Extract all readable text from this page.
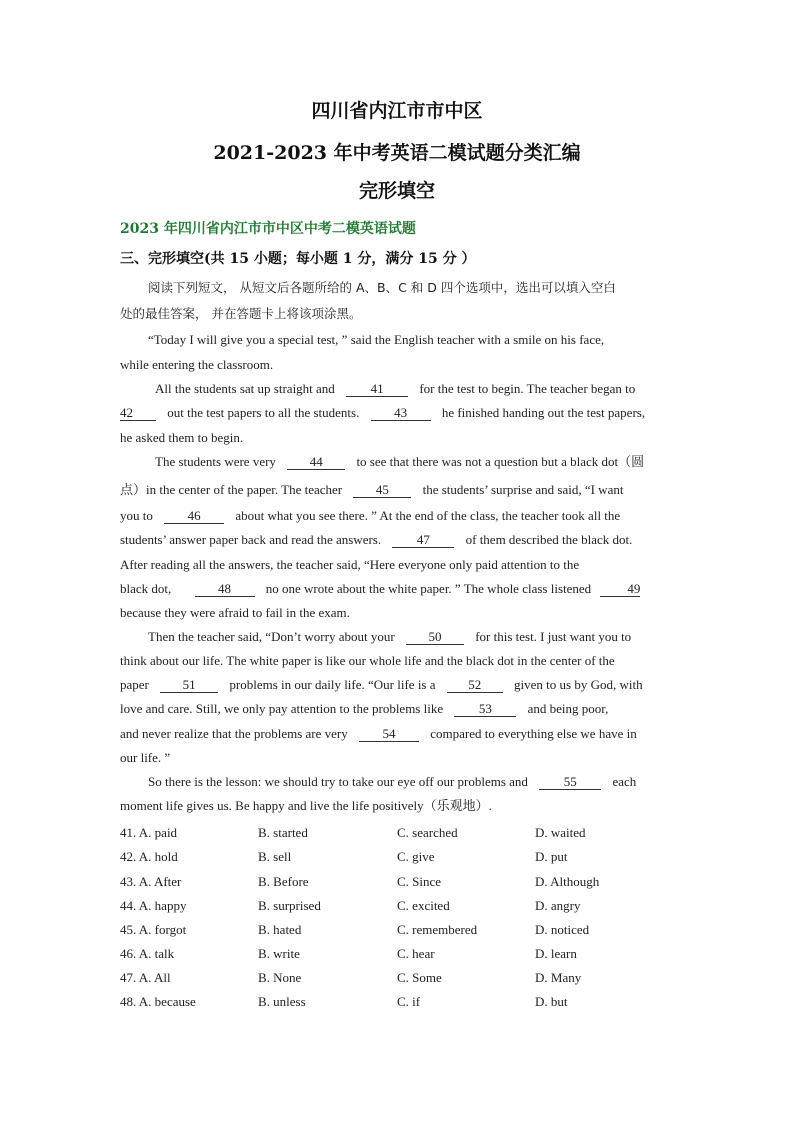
四川省内江市市中区
2021-2023 年中考英语二模试题分类汇编
完形填空
2023 年四川省内江市市中区中考二模英语试题
三、完形填空(共 15 小题；每小题 1 分，满分 15 分 ）
阅读下列短文， 从短文后各题所给的 A、B、C 和 D 四个选项中，选出可以填入空白
处的最佳答案， 并在答题卡上将该项涂黑。
“Today I will give you a special test, ” said the English teacher with a smile on his face,
while entering the classroom.
All the students sat up straight and	41	for the test to begin. The teacher began to
42	out the test papers to all the students.	43	he finished handing out the test papers,
he asked them to begin.
The students were very	44	to see that there was not a question but a black dot（圆
点）in the center of the paper. The teacher	45	the students’ surprise and said, “I want
you to	46	about what you see there. ” At the end of the class, the teacher took all the
students’ answer paper back and read the answers.	47	of them described the black dot.
After reading all the answers, the teacher said, “Here everyone only paid attention to the
black dot,	48	no one wrote about the white paper. ” The whole class listened	49
because they were afraid to fail in the exam.
Then the teacher said, “Don’t worry about your	50	for this test. I just want you to
think about our life. The white paper is like our whole life and the black dot in the center of the
paper	51	problems in our daily life. “Our life is a	52	given to us by God, with
love and care. Still, we only pay attention to the problems like	53	and being poor,
and never realize that the problems are very	54	compared to everything else we have in
our life. ”
So there is the lesson: we should try to take our eye off our problems and	55	each
moment life gives us. Be happy and live the life positively（乐观地）.
41. A. paid	B. started	C. searched	D. waited
42. A. hold	B. sell	C. give	D. put
43. A. After	B. Before	C. Since	D. Although
44. A. happy	B. surprised	C. excited	D. angry
45. A. forgot	B. hated	C. remembered	D. noticed
46. A. talk	B. write	C. hear	D. learn
47. A. All	B. None	C. Some	D. Many
48. A. because	B. unless	C. if	D. but
